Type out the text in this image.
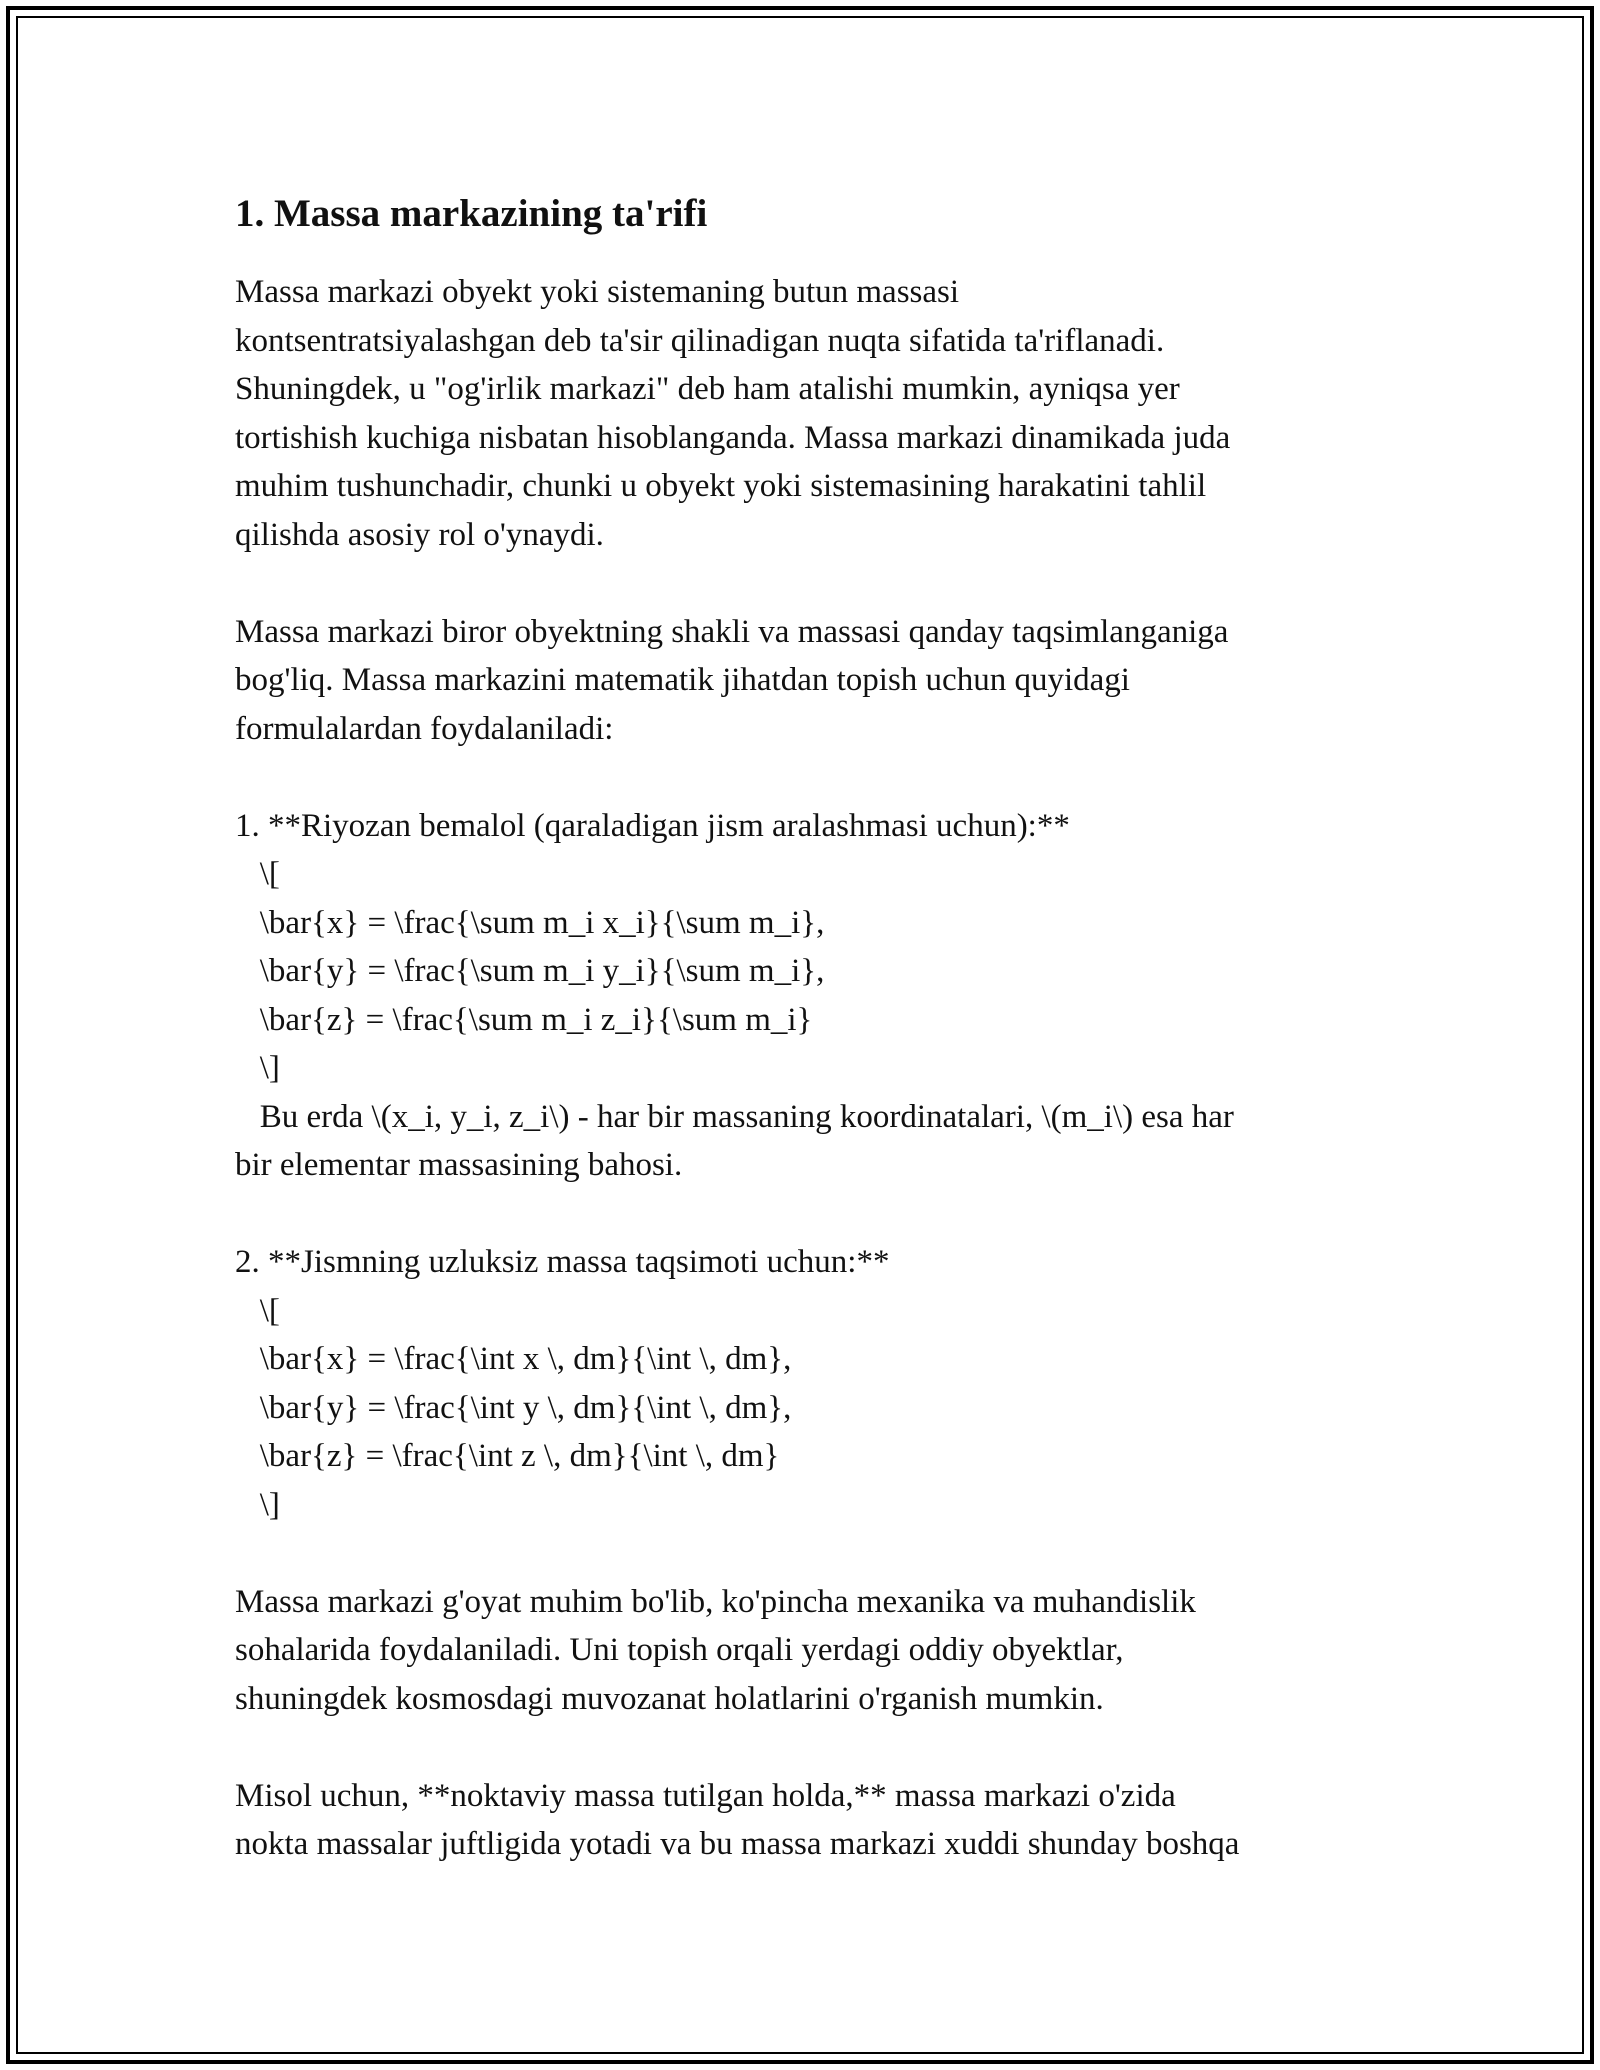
1. Massa markazining ta'rifi

Massa markazi obyekt yoki sistemaning butun massasi
kontsentratsiyalashgan deb ta'sir qilinadigan nuqta sifatida ta'riflanadi.
Shuningdek, u "og'irlik markazi" deb ham atalishi mumkin, ayniqsa yer
tortishish kuchiga nisbatan hisoblanganda. Massa markazi dinamikada juda
muhim tushunchadir, chunki u obyekt yoki sistemasining harakatini tahlil
qilishda asosiy rol o'ynaydi.

Massa markazi biror obyektning shakli va massasi qanday taqsimlanganiga
bog'liq. Massa markazini matematik jihatdan topish uchun quyidagi
formulalardan foydalaniladi:

1. **Riyozan bemalol (qaraladigan jism aralashmasi uchun):**
\[
\bar{x} = \frac{\sum m_i x_i}{\sum m_i},
\bar{y} = \frac{\sum m_i y_i}{\sum m_i},
\bar{z} = \frac{\sum m_i z_i}{\sum m_i}
\]
Bu erda \(x_i, y_i, z_i\) - har bir massaning koordinatalari, \(m_i\) esa har
bir elementar massasining bahosi.

2. **Jismning uzluksiz massa taqsimoti uchun:**
\[
\bar{x} = \frac{\int x \, dm}{\int \, dm},
\bar{y} = \frac{\int y \, dm}{\int \, dm},
\bar{z} = \frac{\int z \, dm}{\int \, dm}
\]

Massa markazi g'oyat muhim bo'lib, ko'pincha mexanika va muhandislik
sohalarida foydalaniladi. Uni topish orqali yerdagi oddiy obyektlar,
shuningdek kosmosdagi muvozanat holatlarini o'rganish mumkin.

Misol uchun, **noktaviy massa tutilgan holda,** massa markazi o'zida
nokta massalar juftligida yotadi va bu massa markazi xuddi shunday boshqa
